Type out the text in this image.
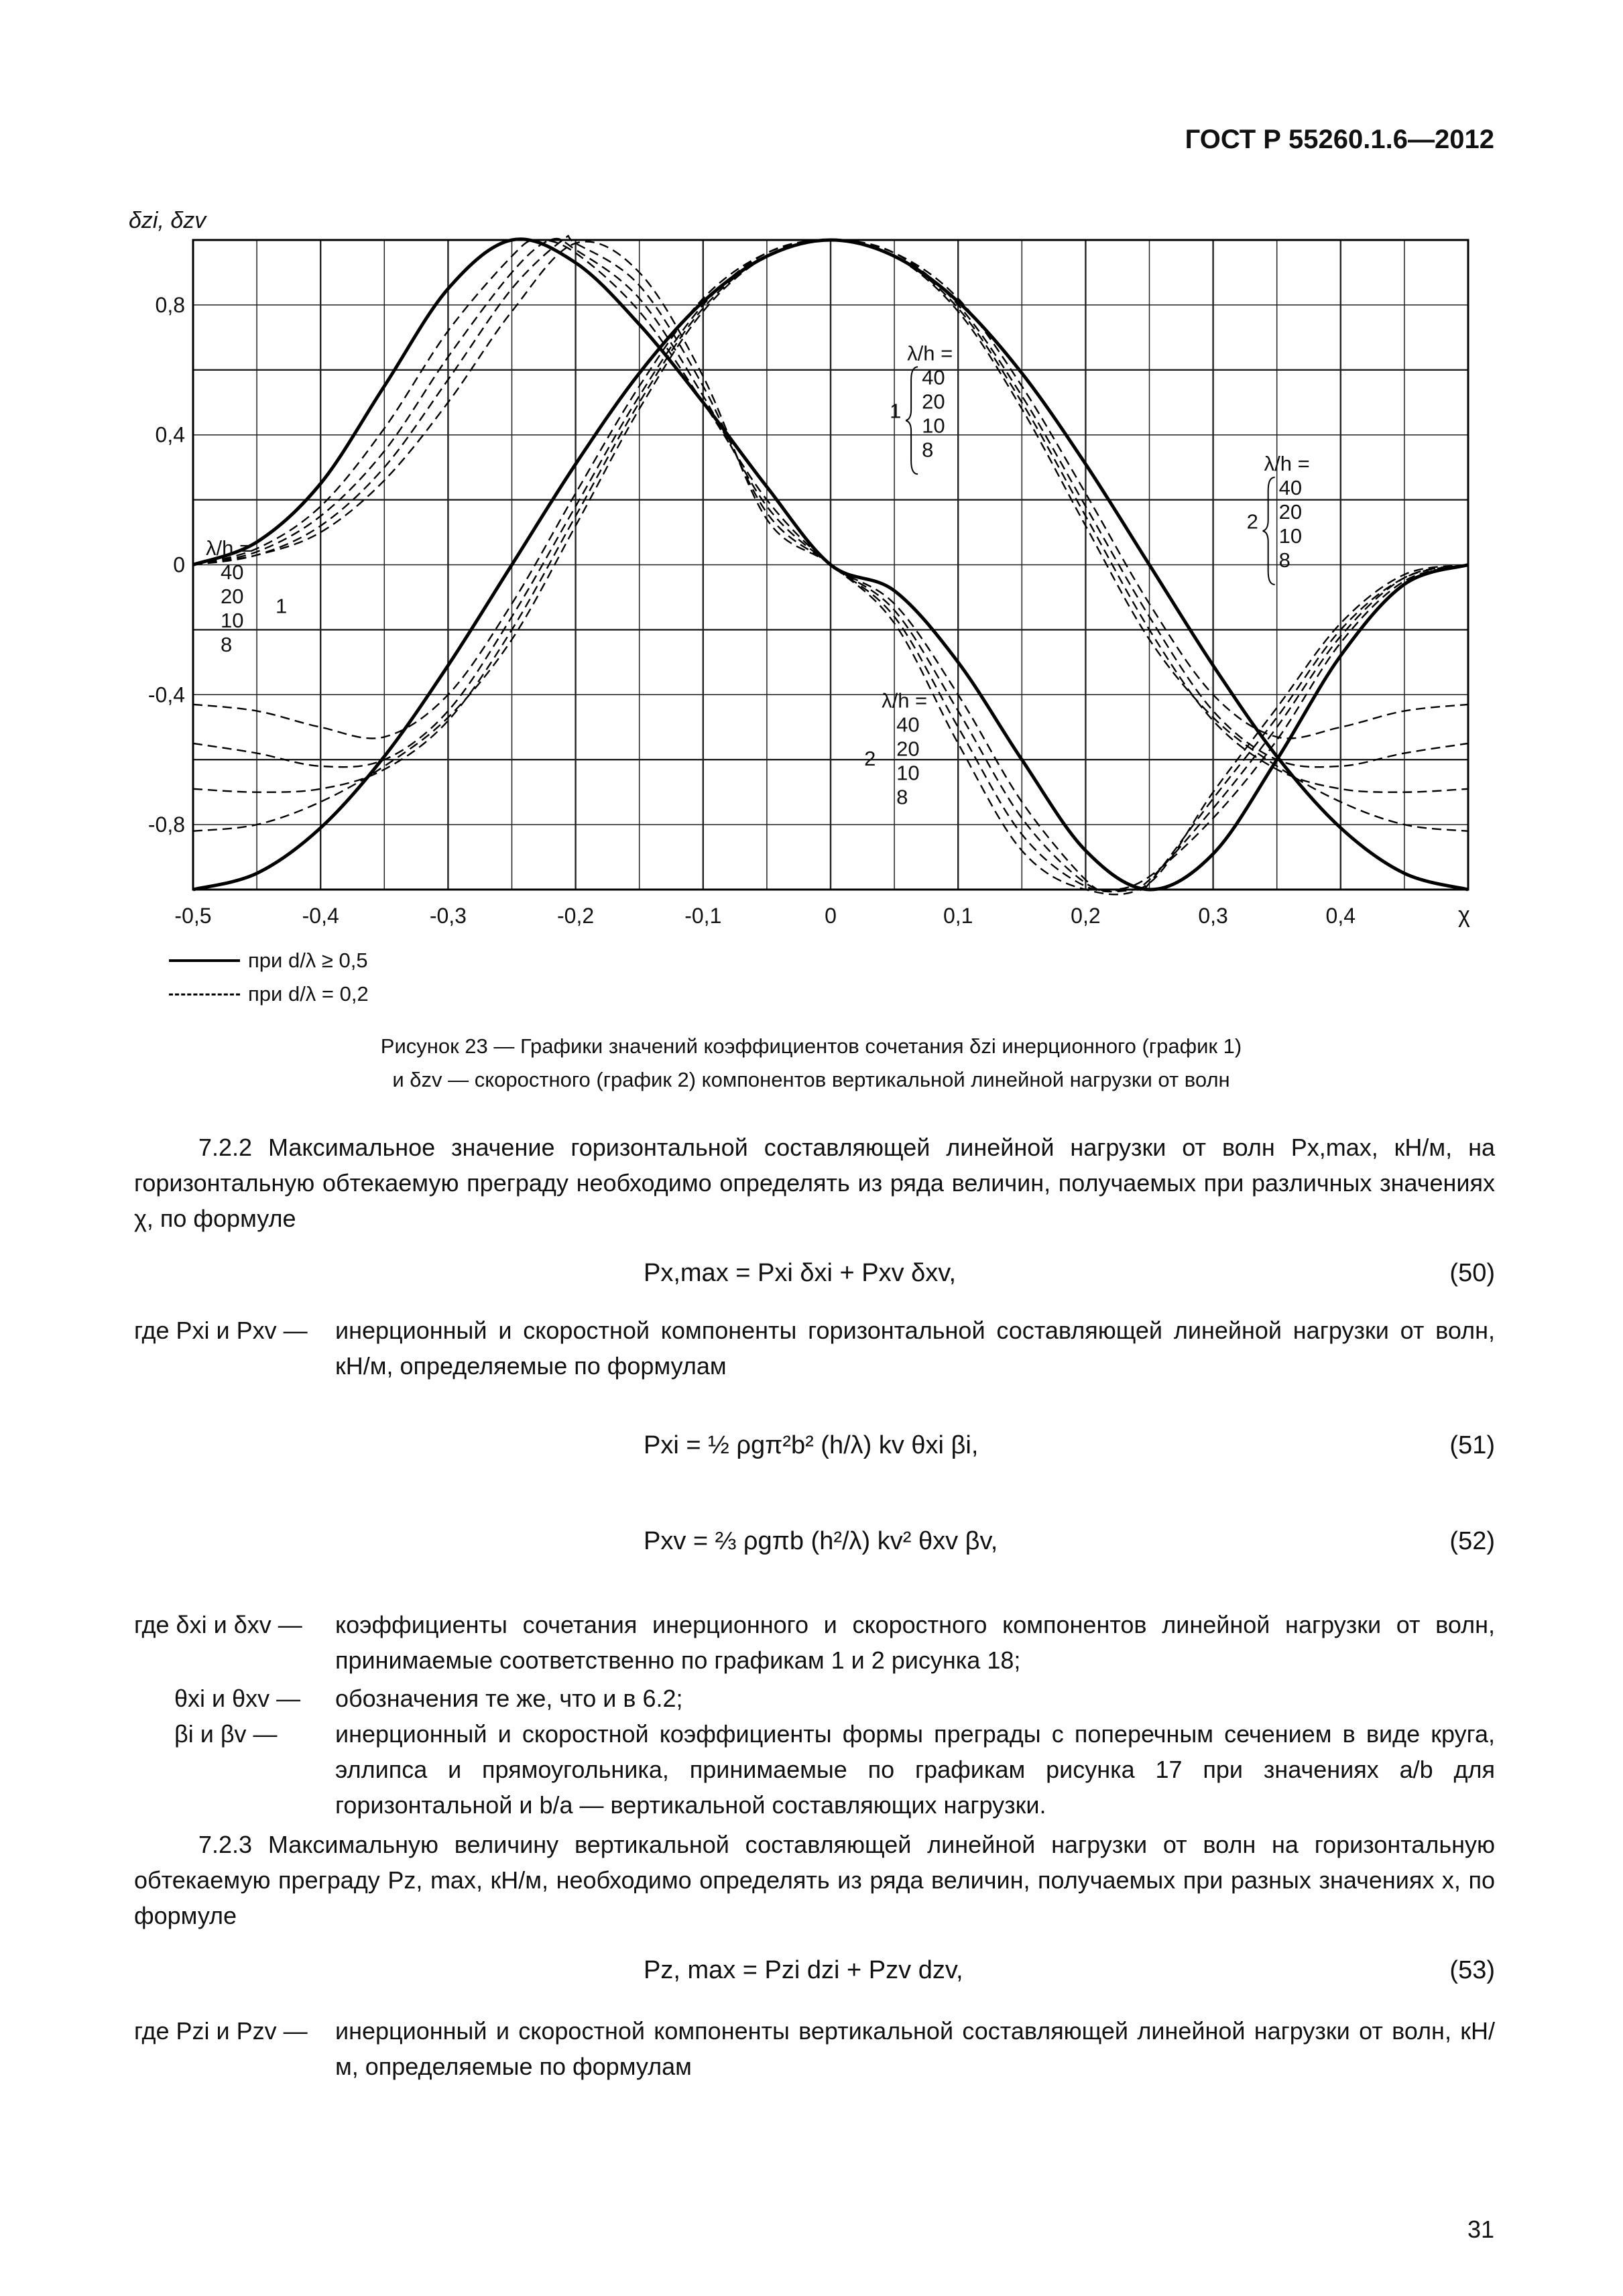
ГОСТ Р 55260.1.6—2012
δzi, δzv
-0,5	-0,4	-0,3	-0,2	-0,1	0	0,1	0,2	0,3	0,4
0,8
0,4
0
-0,4
-0,8
λ/h =
40
20
10
8
1
λ/h =
40
20
10
8
2
λ/h =
40
20
10
8
1
λ/h =
40
20
10
8
2
χ
при d/λ ≥ 0,5
при d/λ = 0,2
Рисунок 23 — Графики значений коэффициентов сочетания δzi инерционного (график 1)
и δzv — скоростного (график 2) компонентов вертикальной линейной нагрузки от волн
7.2.2 Максимальное значение горизонтальной составляющей линейной нагрузки от волн Px,max, кН/м, на горизонтальную обтекаемую преграду необходимо определять из ряда величин, получаемых при различных значениях χ, по формуле
Px,max = Pxi δxi + Pxv δxv,	(50)
где Pxi и Pxv — инерционный и скоростной компоненты горизонтальной составляющей линейной нагрузки от волн, кН/м, определяемые по формулам
Pxi = ½ ρgπ²b² (h/λ) kv θxi βi,	(51)
Pxv = ⅔ ρgπb (h²/λ) kv² θxv βv,	(52)
где δxi и δxv — коэффициенты сочетания инерционного и скоростного компонентов линейной нагрузки от волн, принимаемые соответственно по графикам 1 и 2 рисунка 18;
θxi и θxv — обозначения те же, что и в 6.2;
βi и βv — инерционный и скоростной коэффициенты формы преграды с поперечным сечением в виде круга, эллипса и прямоугольника, принимаемые по графикам рисунка 17 при значениях a/b для горизонтальной и b/a — вертикальной составляющих нагрузки.
7.2.3 Максимальную величину вертикальной составляющей линейной нагрузки от волн на горизонтальную обтекаемую преграду Pz, max, кН/м, необходимо определять из ряда величин, получаемых при разных значениях x, по формуле
Pz, max = Pzi dzi + Pzv dzv,	(53)
где Pzi и Pzv — инерционный и скоростной компоненты вертикальной составляющей линейной нагрузки от волн, кН/м, определяемые по формулам
31
